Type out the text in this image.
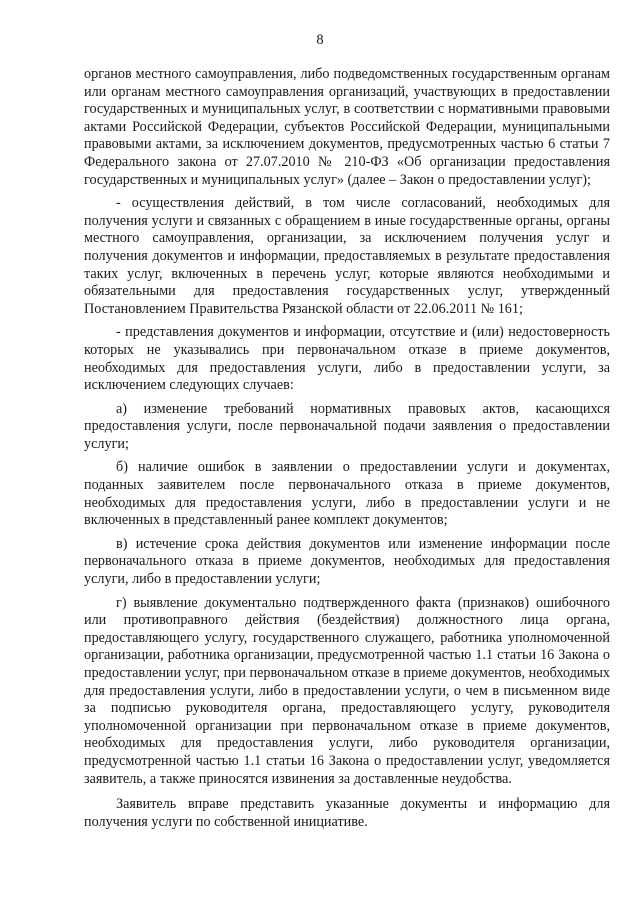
8

органов местного самоуправления, либо подведомственных государственным органам или органам местного самоуправления организаций, участвующих в предоставлении государственных и муниципальных услуг, в соответствии с нормативными правовыми актами Российской Федерации, субъектов Российской Федерации, муниципальными правовыми актами, за исключением документов, предусмотренных частью 6 статьи 7 Федерального закона от 27.07.2010 № 210-ФЗ «Об организации предоставления государственных и муниципальных услуг» (далее – Закон о предоставлении услуг);

- осуществления действий, в том числе согласований, необходимых для получения услуги и связанных с обращением в иные государственные органы, органы местного самоуправления, организации, за исключением получения услуг и получения документов и информации, предоставляемых в результате предоставления таких услуг, включенных в перечень услуг, которые являются необходимыми и обязательными для предоставления государственных услуг, утвержденный Постановлением Правительства Рязанской области от 22.06.2011 № 161;

- представления документов и информации, отсутствие и (или) недостоверность которых не указывались при первоначальном отказе в приеме документов, необходимых для предоставления услуги, либо в предоставлении услуги, за исключением следующих случаев:

а) изменение требований нормативных правовых актов, касающихся предоставления услуги, после первоначальной подачи заявления о предоставлении услуги;

б) наличие ошибок в заявлении о предоставлении услуги и документах, поданных заявителем после первоначального отказа в приеме документов, необходимых для предоставления услуги, либо в предоставлении услуги и не включенных в представленный ранее комплект документов;

в) истечение срока действия документов или изменение информации после первоначального отказа в приеме документов, необходимых для предоставления услуги, либо в предоставлении услуги;

г) выявление документально подтвержденного факта (признаков) ошибочного или противоправного действия (бездействия) должностного лица органа, предоставляющего услугу, государственного служащего, работника уполномоченной организации, работника организации, предусмотренной частью 1.1 статьи 16 Закона о предоставлении услуг, при первоначальном отказе в приеме документов, необходимых для предоставления услуги, либо в предоставлении услуги, о чем в письменном виде за подписью руководителя органа, предоставляющего услугу, руководителя уполномоченной организации при первоначальном отказе в приеме документов, необходимых для предоставления услуги, либо руководителя организации, предусмотренной частью 1.1 статьи 16 Закона о предоставлении услуг, уведомляется заявитель, а также приносятся извинения за доставленные неудобства.

Заявитель вправе представить указанные документы и информацию для получения услуги по собственной инициативе.
